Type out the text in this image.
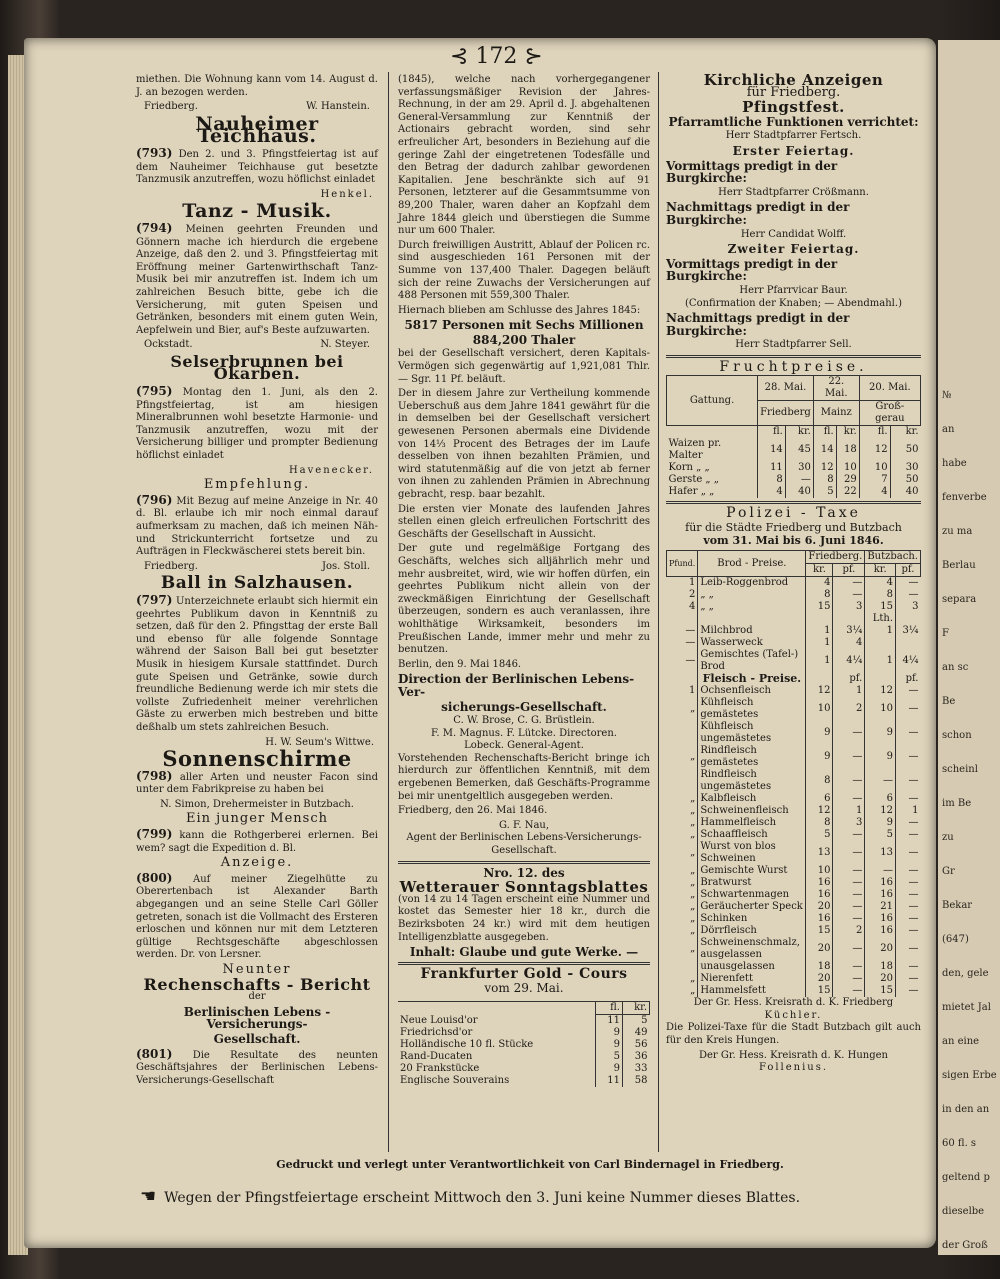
№
an
habe
fenverbe
zu ma
Berlau
separa
F
an sc
Be
schon
scheinl
im Be
zu
Gr
Bekar
(647)
den, gele
mietet Jal
an eine
sigen Erbe
in den an
60 fl. s
geltend p
dieselbe
der Groß
⊰ 172 ⊱

miethen. Die Wohnung kann vom 14. August d. J. an bezogen werden.

Friedberg.	W. Hanstein.

Nauheimer Teichhaus.

(793) Den 2. und 3. Pfingstfeiertag ist auf dem Nauheimer Teichhause gut besetzte Tanzmusik anzutreffen, wozu höflichst einladet

Henkel.

Tanz - Musik.

(794) Meinen geehrten Freunden und Gönnern mache ich hierdurch die ergebene Anzeige, daß den 2. und 3. Pfingstfeiertag mit Eröffnung meiner Gartenwirthschaft Tanz-Musik bei mir anzutreffen ist. Indem ich um zahlreichen Besuch bitte, gebe ich die Versicherung, mit guten Speisen und Getränken, besonders mit einem guten Wein, Aepfelwein und Bier, auf's Beste aufzuwarten.

Ockstadt.	N. Steyer.

Selserbrunnen bei Okarben.

(795) Montag den 1. Juni, als den 2. Pfingstfeiertag, ist am hiesigen Mineralbrunnen wohl besetzte Harmonie- und Tanzmusik anzutreffen, wozu mit der Versicherung billiger und prompter Bedienung höflichst einladet

Havenecker.

Empfehlung.

(796) Mit Bezug auf meine Anzeige in Nr. 40 d. Bl. erlaube ich mir noch einmal darauf aufmerksam zu machen, daß ich meinen Näh- und Strickunterricht fortsetze und zu Aufträgen in Fleckwäscherei stets bereit bin.

Friedberg.	Jos. Stoll.

Ball in Salzhausen.

(797) Unterzeichnete erlaubt sich hiermit ein geehrtes Publikum davon in Kenntniß zu setzen, daß für den 2. Pfingsttag der erste Ball und ebenso für alle folgende Sonntage während der Saison Ball bei gut besetzter Musik in hiesigem Kursale stattfindet. Durch gute Speisen und Getränke, sowie durch freundliche Bedienung werde ich mir stets die vollste Zufriedenheit meiner verehrlichen Gäste zu erwerben mich bestreben und bitte deßhalb um stets zahlreichen Besuch.

H. W. Seum's Wittwe.

Sonnenschirme

(798) aller Arten und neuster Facon sind unter dem Fabrikpreise zu haben bei

N. Simon, Drehermeister in Butzbach.

Ein junger Mensch

(799) kann die Rothgerberei erlernen. Bei wem? sagt die Expedition d. Bl.

Anzeige.

(800) Auf meiner Ziegelhütte zu Oberertenbach ist Alexander Barth abgegangen und an seine Stelle Carl Göller getreten, sonach ist die Vollmacht des Ersteren erloschen und können nur mit dem Letzteren gültige Rechtsgeschäfte abgeschlossen werden. Dr. von Lersner.

Neunter
Rechenschafts - Bericht
der
Berlinischen Lebens - Versicherungs-
Gesellschaft.

(801) Die Resultate des neunten Geschäftsjahres der Berlinischen Lebens-Versicherungs-Gesellschaft

(1845), welche nach vorhergegangener verfassungsmäßiger Revision der Jahres-Rechnung, in der am 29. April d. J. abgehaltenen General-Versammlung zur Kenntniß der Actionairs gebracht worden, sind sehr erfreulicher Art, besonders in Beziehung auf die geringe Zahl der eingetretenen Todesfälle und den Betrag der dadurch zahlbar gewordenen Kapitalien. Jene beschränkte sich auf 91 Personen, letzterer auf die Gesammtsumme von 89,200 Thaler, waren daher an Kopfzahl dem Jahre 1844 gleich und überstiegen die Summe nur um 600 Thaler.

Durch freiwilligen Austritt, Ablauf der Policen rc. sind ausgeschieden 161 Personen mit der Summe von 137,400 Thaler. Dagegen beläuft sich der reine Zuwachs der Versicherungen auf 488 Personen mit 559,300 Thaler.

Hiernach blieben am Schlusse des Jahres 1845:

5817 Personen mit Sechs Millionen
884,200 Thaler

bei der Gesellschaft versichert, deren Kapitals-Vermögen sich gegenwärtig auf 1,921,081 Thlr. — Sgr. 11 Pf. beläuft.

Der in diesem Jahre zur Vertheilung kommende Ueberschuß aus dem Jahre 1841 gewährt für die in demselben bei der Gesellschaft versichert gewesenen Personen abermals eine Dividende von 14⅓ Procent des Betrages der im Laufe desselben von ihnen bezahlten Prämien, und wird statutenmäßig auf die von jetzt ab ferner von ihnen zu zahlenden Prämien in Abrechnung gebracht, resp. baar bezahlt.

Die ersten vier Monate des laufenden Jahres stellen einen gleich erfreulichen Fortschritt des Geschäfts der Gesellschaft in Aussicht.

Der gute und regelmäßige Fortgang des Geschäfts, welches sich alljährlich mehr und mehr ausbreitet, wird, wie wir hoffen dürfen, ein geehrtes Publikum nicht allein von der zweckmäßigen Einrichtung der Gesellschaft überzeugen, sondern es auch veranlassen, ihre wohlthätige Wirksamkeit, besonders im Preußischen Lande, immer mehr und mehr zu benutzen.

Berlin, den 9. Mai 1846.

Direction der Berlinischen Lebens-Ver-
sicherungs-Gesellschaft.
C. W. Brose, C. G. Brüstlein.
F. M. Magnus. F. Lütcke. Directoren.
Lobeck. General-Agent.

Vorstehenden Rechenschafts-Bericht bringe ich hierdurch zur öffentlichen Kenntniß, mit dem ergebenen Bemerken, daß Geschäfts-Programme bei mir unentgeltlich ausgegeben werden.

Friedberg, den 26. Mai 1846.

G. F. Nau,
Agent der Berlinischen Lebens-Versicherungs-Gesellschaft.
Nro. 12. des
Wetterauer Sonntagsblattes

(von 14 zu 14 Tagen erscheint eine Nummer und kostet das Semester hier 18 kr., durch die Bezirksboten 24 kr.) wird mit dem heutigen Intelligenzblatte ausgegeben.

Inhalt: Glaube und gute Werke. —
Frankfurter Gold - Cours
vom 29. Mai.
	fl.	kr.
Neue Louisd'or	11	5
Friedrichsd'or	9	49
Holländische 10 fl. Stücke	9	56
Rand-Ducaten	5	36
20 Frankstücke	9	33
Englische Souverains	11	58
Kirchliche Anzeigen
für Friedberg.
Pfingstfest.
Pfarramtliche Funktionen verrichtet:
Herr Stadtpfarrer Fertsch.
Erster Feiertag.
Vormittags predigt in der Burgkirche:
Herr Stadtpfarrer Crößmann.
Nachmittags predigt in der Burgkirche:
Herr Candidat Wolff.
Zweiter Feiertag.
Vormittags predigt in der Burgkirche:
Herr Pfarrvicar Baur.
(Confirmation der Knaben; — Abendmahl.)
Nachmittags predigt in der Burgkirche:
Herr Stadtpfarrer Sell.
Fruchtpreise.
Gattung.	28. Mai.		22. Mai.		20. Mai.	
	Friedberg		Mainz		Groß-gerau	
	fl.	kr.	fl.	kr.	fl.	kr.
Waizen pr. Malter	14	45	14	18	12	50
Korn „ „	11	30	12	10	10	30
Gerste „ „	8	—	8	29	7	50
Hafer „ „	4	40	5	22	4	40
Polizei - Taxe
für die Städte Friedberg und Butzbach
vom 31. Mai bis 6. Juni 1846.
Pfund.	Brod - Preise.	Friedberg.		Butzbach.	
		kr.	pf.	kr.	pf.
1	Leib-Roggenbrod	4	—	4	—
2	„ „	8	—	8	—
4	„ „	15	3	15	3
				Lth.	
—	Milchbrod	1	3¼	1	3¼
—	Wasserweck	1	4		
—	Gemischtes (Tafel-) Brod	1	4¼	1	4¼
	Fleisch - Preise.		pf.		pf.
1	Ochsenfleisch	12	1	12	—
„	Kühfleisch gemästetes	10	2	10	—
	Kühfleisch ungemästetes	9	—	9	—
„	Rindfleisch gemästetes	9	—	9	—
	Rindfleisch ungemästetes	8	—	—	—
„	Kalbfleisch	6	—	6	—
„	Schweinenfleisch	12	1	12	1
„	Hammelfleisch	8	3	9	—
„	Schaaffleisch	5	—	5	—
„	Wurst von blos Schweinen	13	—	13	—
„	Gemischte Wurst	10	—	—	—
„	Bratwurst	16	—	16	—
„	Schwartenmagen	16	—	16	—
„	Geräucherter Speck	20	—	21	—
„	Schinken	16	—	16	—
„	Dörrfleisch	15	2	16	—
„	Schweinenschmalz, ausgelassen	20	—	20	—
	unausgelassen	18	—	18	—
„	Nierenfett	20	—	20	—
„	Hammelsfett	15	—	15	—
Der Gr. Hess. Kreisrath d. K. Friedberg
Küchler.

Die Polizei-Taxe für die Stadt Butzbach gilt auch für den Kreis Hungen.

Der Gr. Hess. Kreisrath d. K. Hungen
Follenius.
Gedruckt und verlegt unter Verantwortlichkeit von Carl Bindernagel in Friedberg.
☚ Wegen der Pfingstfeiertage erscheint Mittwoch den 3. Juni keine Nummer dieses Blattes.
